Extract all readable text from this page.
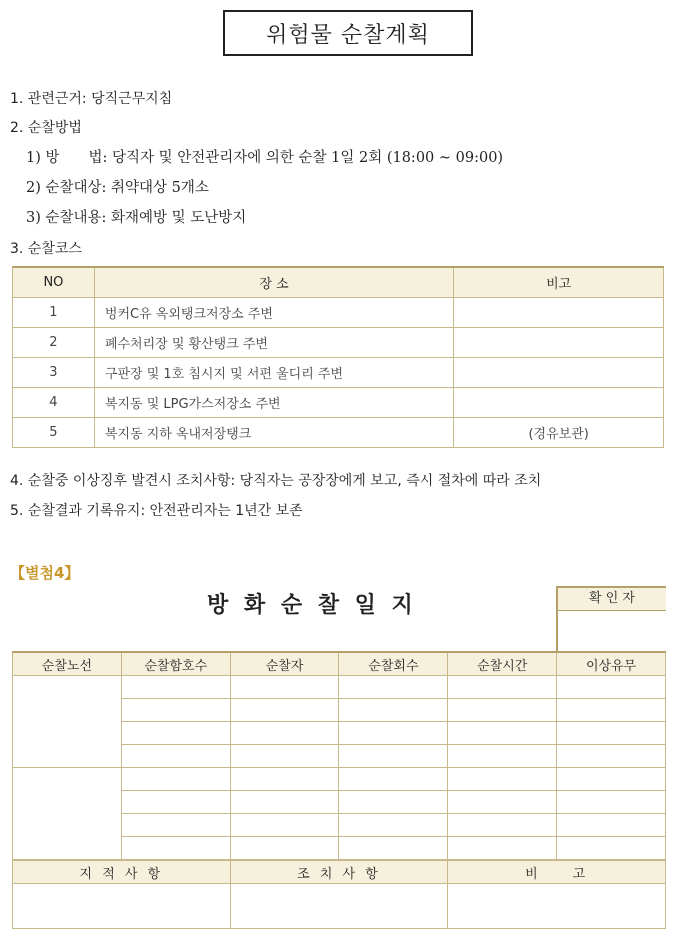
위험물 순찰계획
1. 관련근거: 당직근무지침
2. 순찰방법
1) 방　　법: 당직자 및 안전관리자에 의한 순찰 1일 2회 (18:00 ~ 09:00)
2) 순찰대상: 취약대상 5개소
3) 순찰내용: 화재예방 및 도난방지
3. 순찰코스
NO	장 소	비고
1	벙커C유 옥외탱크저장소 주변	
2	폐수처리장 및 황산탱크 주변	
3	구판장 및 1호 침시지 및 서편 울디리 주변	
4	복지동 및 LPG가스저장소 주변	
5	복지동 지하 옥내저장탱크	(경유보관)
4. 순찰중 이상징후 발견시 조치사항: 당직자는 공장장에게 보고, 즉시 절차에 따라 조치
5. 순찰결과 기록유지: 안전관리자는 1년간 보존
【별첨4】
방 화 순 찰 일 지	확 인 자
순찰노선	순찰함호수	순찰자	순찰회수	순찰시간	이상유무

지 적 사 항	조 치 사 항	비　　고
